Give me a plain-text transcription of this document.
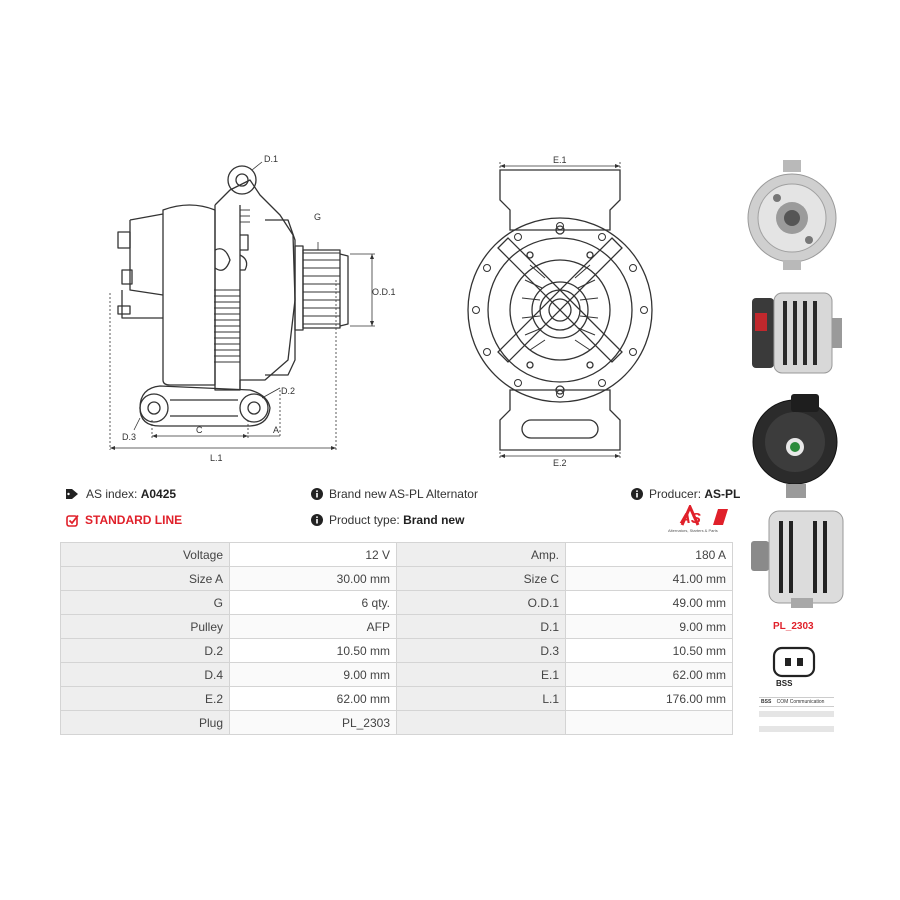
D.1
G
O.D.1
D.2
D.3
C	A
L.1
E.1
E.2
PL_2303
BSS
BSS COM Communication
AS index:
A0425
STANDARD LINE
Brand new AS-PL Alternator
Product type:
Brand new
Producer:
AS-PL
AS
Alternators, Starters & Parts
Voltage	12 V	Amp.	180 A
Size A	30.00 mm	Size C	41.00 mm
G	6 qty.	O.D.1	49.00 mm
Pulley	AFP	D.1	9.00 mm
D.2	10.50 mm	D.3	10.50 mm
D.4	9.00 mm	E.1	62.00 mm
E.2	62.00 mm	L.1	176.00 mm
Plug	PL_2303		
